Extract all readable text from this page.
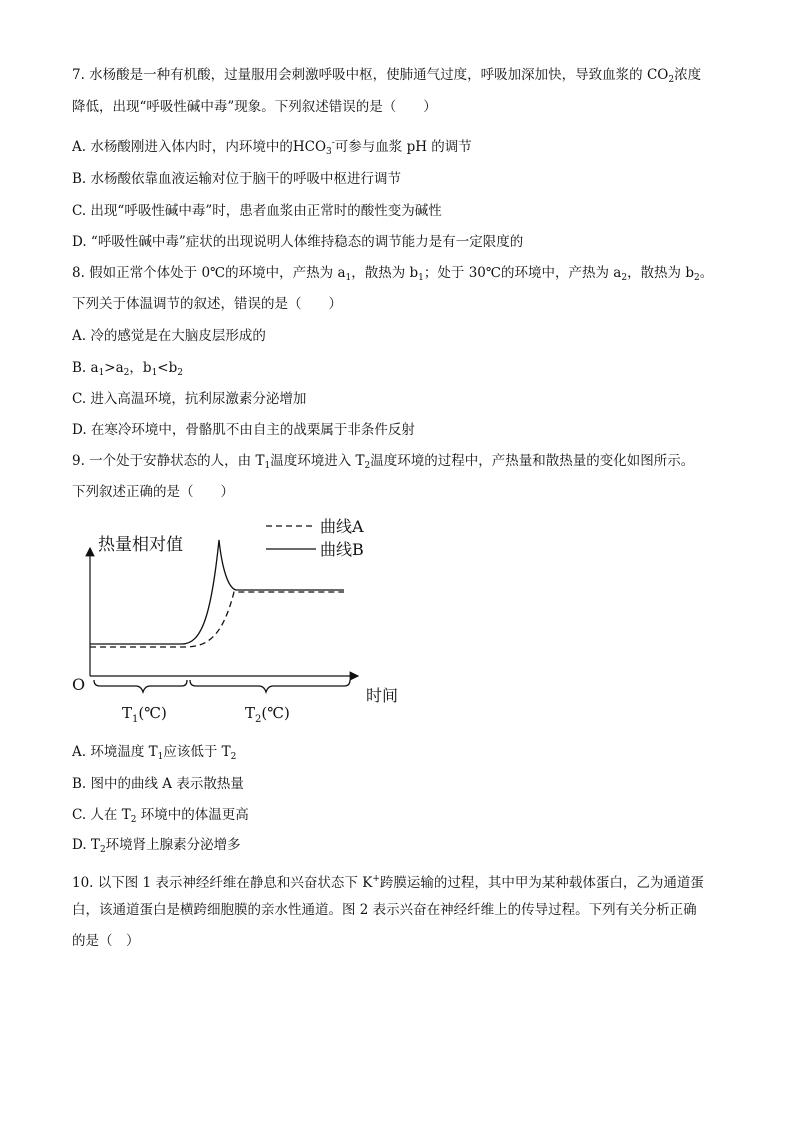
7. 水杨酸是一种有机酸，过量服用会刺激呼吸中枢，使肺通气过度，呼吸加深加快，导致血浆的 $CO_2$浓度
降低，出现“呼吸性碱中毒”现象。下列叙述错误的是（　　）
A. 水杨酸刚进入体内时，内环境中的$HCO_3^-$可参与血浆 pH 的调节
B. 水杨酸依靠血液运输对位于脑干的呼吸中枢进行调节
C. 出现“呼吸性碱中毒”时，患者血浆由正常时的酸性变为碱性
D. “呼吸性碱中毒”症状的出现说明人体维持稳态的调节能力是有一定限度的
8. 假如正常个体处于 0℃的环境中，产热为 $a_1$，散热为 $b_1$；处于 30℃的环境中，产热为 $a_2$，散热为 $b_2$。
下列关于体温调节的叙述，错误的是（　　）
A. 冷的感觉是在大脑皮层形成的
B. $a_1>a_2$，$b_1<b_2$
C. 进入高温环境，抗利尿激素分泌增加
D. 在寒冷环境中，骨骼肌不由自主的战栗属于非条件反射
9. 一个处于安静状态的人，由 $T_1$温度环境进入 $T_2$温度环境的过程中，产热量和散热量的变化如图所示。
下列叙述正确的是（　　）
热量相对值
O
时间
曲线A
曲线B
$T_1(℃)$	$T_2(℃)$
A. 环境温度 $T_1$应该低于 $T_2$
B. 图中的曲线 A 表示散热量
C. 人在 $T_2$ 环境中的体温更高
D. $T_2$环境肾上腺素分泌增多
10. 以下图 1 表示神经纤维在静息和兴奋状态下 K+跨膜运输的过程，其中甲为某种载体蛋白，乙为通道蛋
白，该通道蛋白是横跨细胞膜的亲水性通道。图 2 表示兴奋在神经纤维上的传导过程。下列有关分析正确
的是（　）
